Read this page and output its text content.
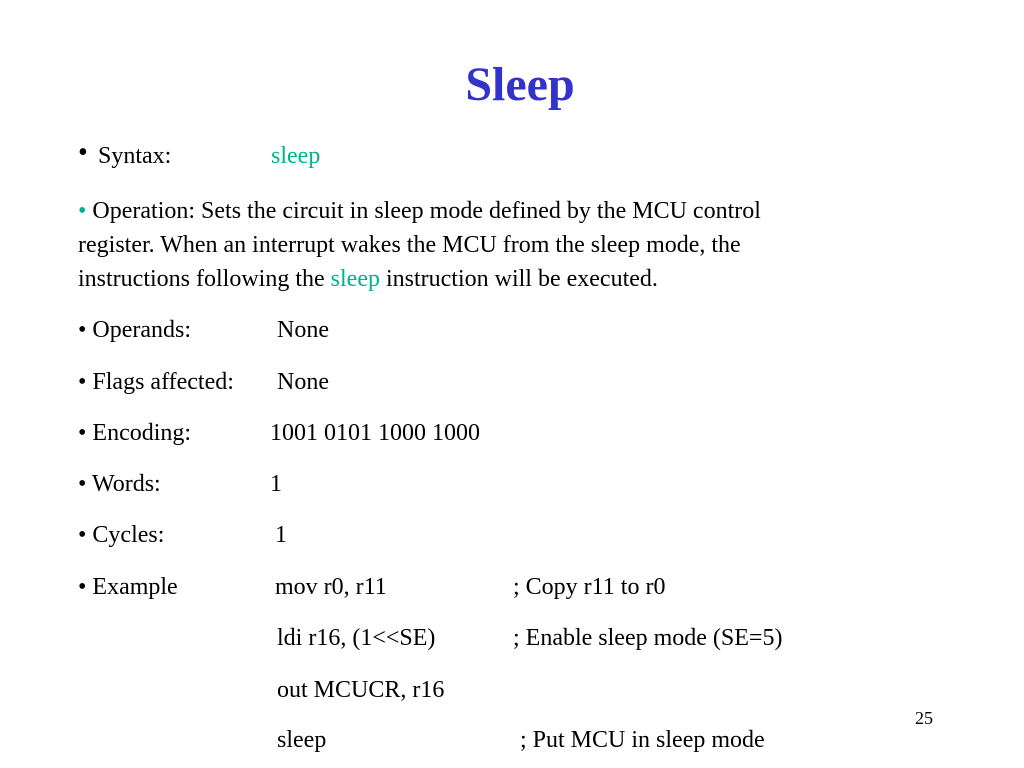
Sleep
• Syntax:	sleep
• Operation: Sets the circuit in sleep mode defined by the MCU control
register. When an interrupt wakes the MCU from the sleep mode, the
instructions following the sleep instruction will be executed.
• Operands:	None
• Flags affected: None
• Encoding:	1001 0101 1000 1000
• Words:	1
• Cycles:	1
• Example	mov r0, r11	; Copy r11 to r0
ldi r16, (1<<SE)	; Enable sleep mode (SE=5)
out MCUCR, r16
sleep	; Put MCU in sleep mode
25
